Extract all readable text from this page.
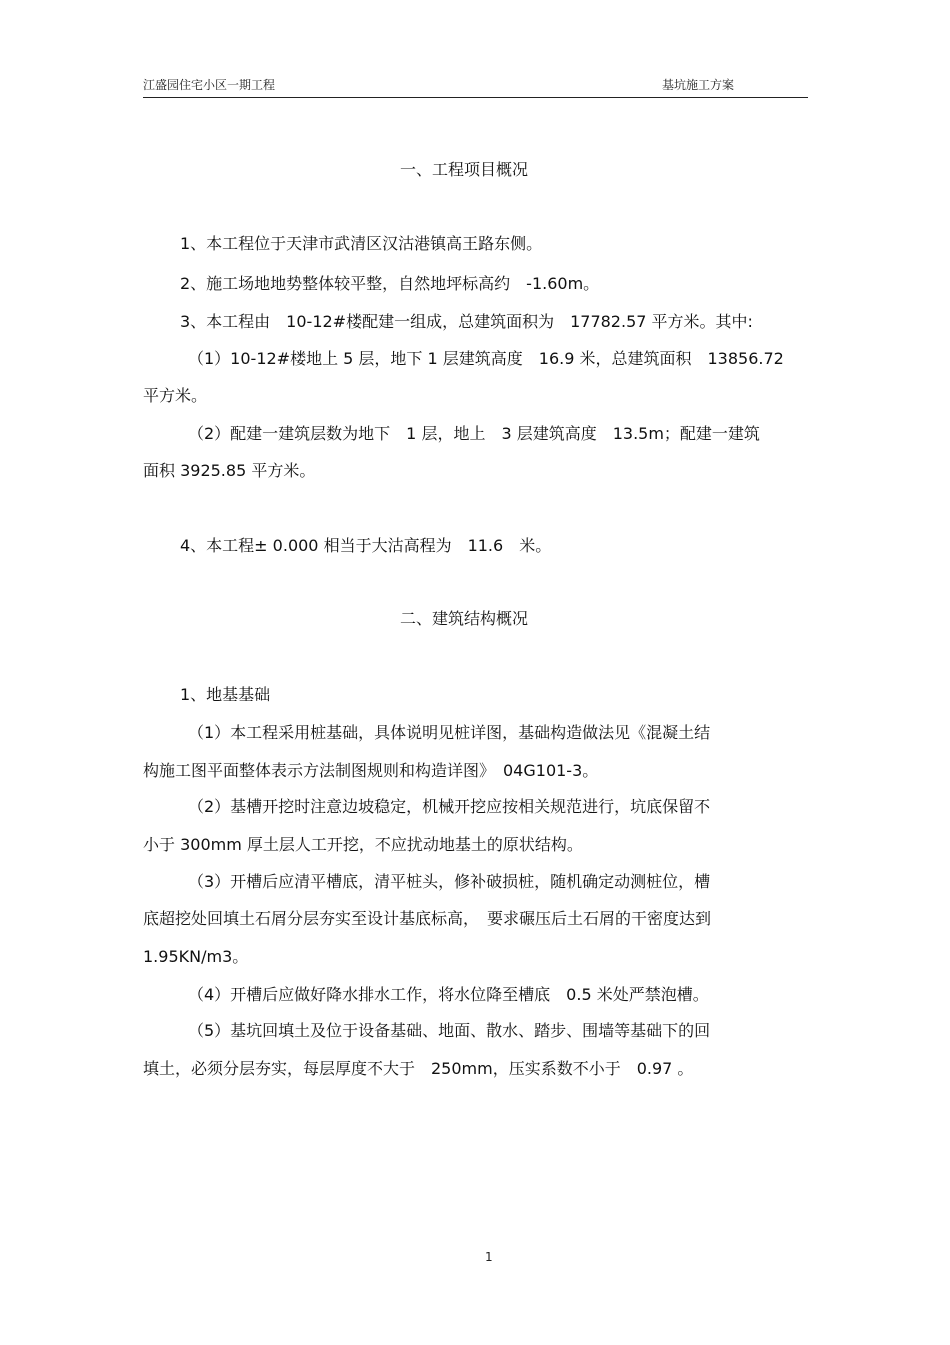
江盛园住宅小区一期工程	基坑施工方案
一、工程项目概况
1、本工程位于天津市武清区汉沽港镇高王路东侧。
2、施工场地地势整体较平整，自然地坪标高约　-1.60m。
3、本工程由　10-12#楼配建一组成，总建筑面积为　17782.57 平方米。其中:
（1）10-12#楼地上 5 层，地下 1 层建筑高度　16.9 米，总建筑面积　13856.72
平方米。
（2）配建一建筑层数为地下　1 层，地上　3 层建筑高度　13.5m；配建一建筑
面积 3925.85 平方米。
4、本工程± 0.000 相当于大沽高程为　11.6　米。
二、建筑结构概况
1、地基基础
（1）本工程采用桩基础，具体说明见桩详图，基础构造做法见《混凝土结
构施工图平面整体表示方法制图规则和构造详图》　04G101-3。
（2）基槽开挖时注意边坡稳定，机械开挖应按相关规范进行，坑底保留不
小于 300mm 厚土层人工开挖，不应扰动地基土的原状结构。
（3）开槽后应清平槽底，清平桩头，修补破损桩，随机确定动测桩位，槽
底超挖处回填土石屑分层夯实至设计基底标高，　要求碾压后土石屑的干密度达到
1.95KN/m3。
（4）开槽后应做好降水排水工作，将水位降至槽底　0.5 米处严禁泡槽。
（5）基坑回填土及位于设备基础、地面、散水、踏步、围墙等基础下的回
填土，必须分层夯实，每层厚度不大于　250mm，压实系数不小于　0.97 。
1
